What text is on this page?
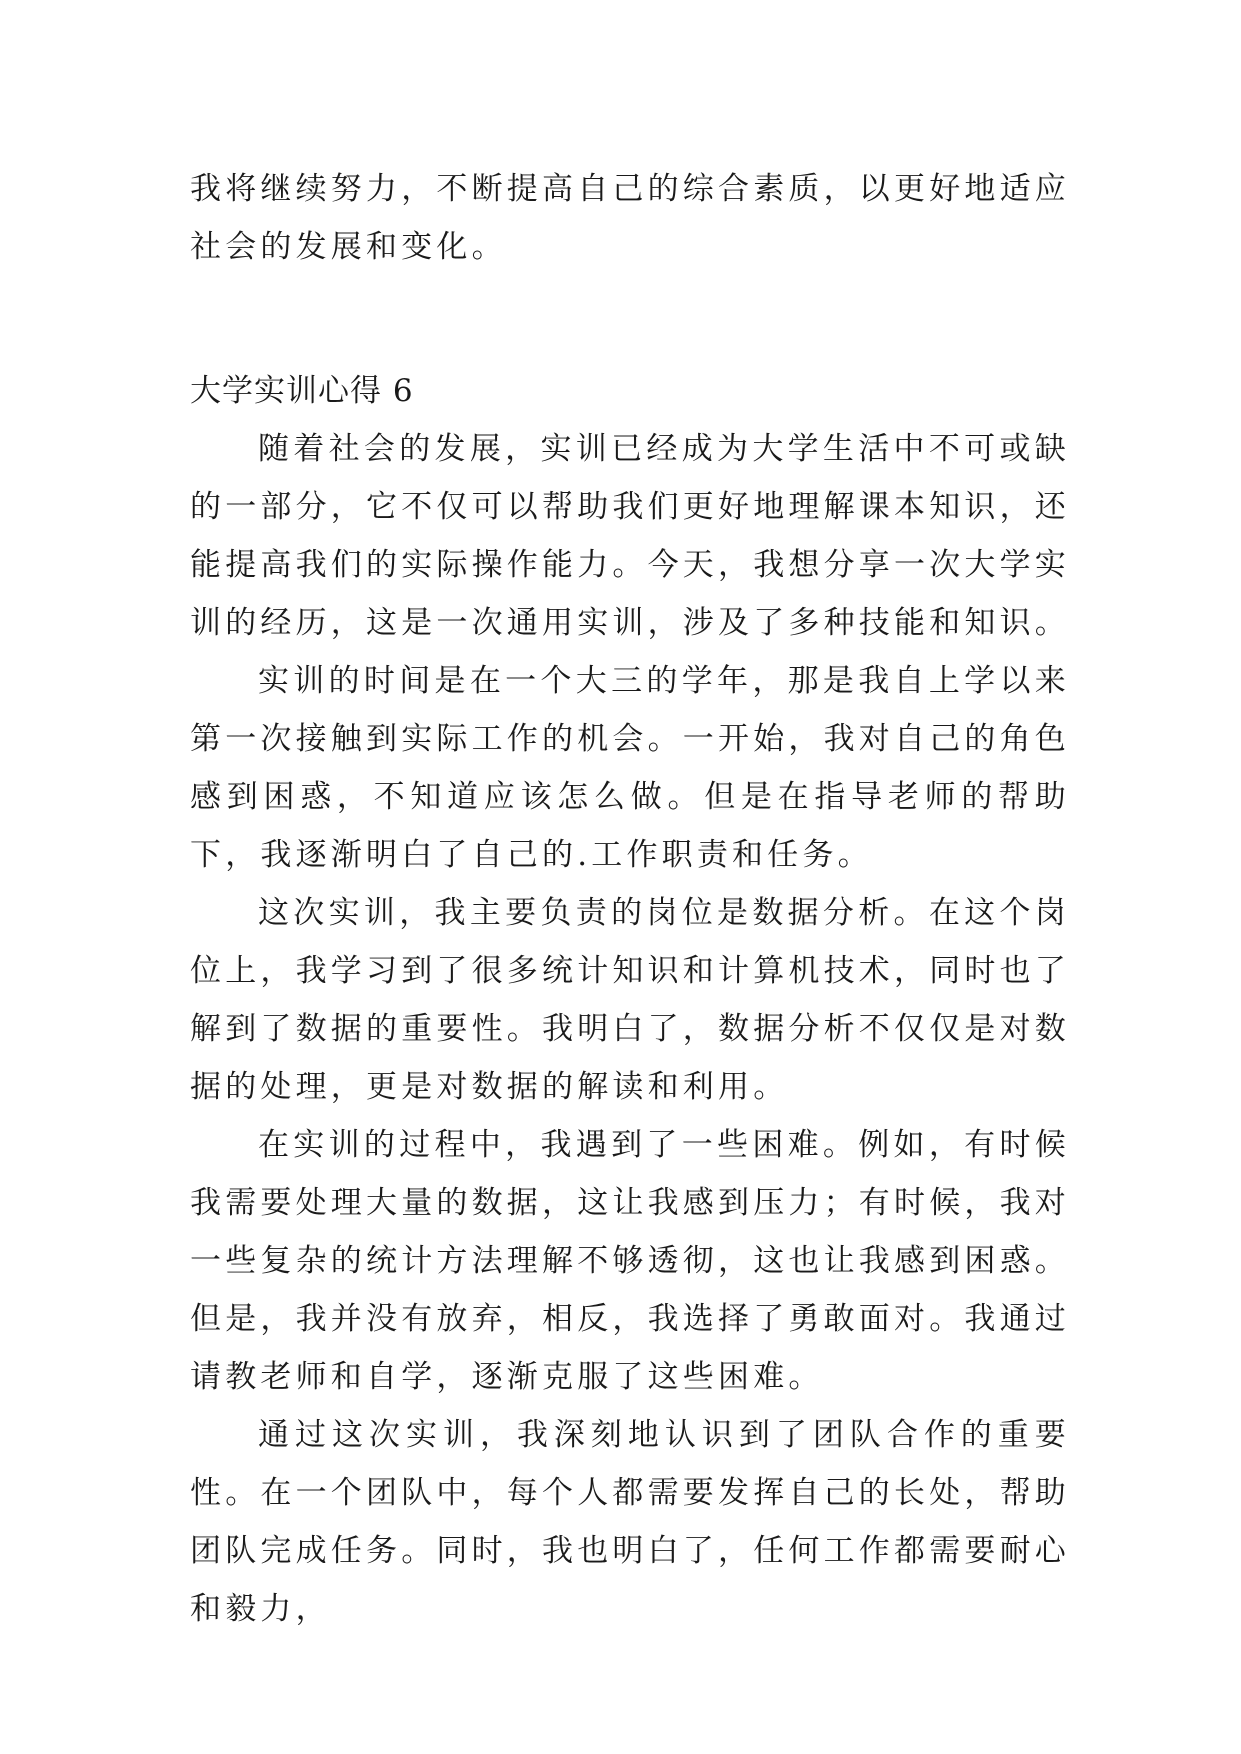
我将继续努力，不断提高自己的综合素质，以更好地适应社会的发展和变化。

大学实训心得 6

随着社会的发展，实训已经成为大学生活中不可或缺的一部分，它不仅可以帮助我们更好地理解课本知识，还能提高我们的实际操作能力。今天，我想分享一次大学实训的经历，这是一次通用实训，涉及了多种技能和知识。

实训的时间是在一个大三的学年，那是我自上学以来第一次接触到实际工作的机会。一开始，我对自己的角色感到困惑，不知道应该怎么做。但是在指导老师的帮助下，我逐渐明白了自己的.工作职责和任务。

这次实训，我主要负责的岗位是数据分析。在这个岗位上，我学习到了很多统计知识和计算机技术，同时也了解到了数据的重要性。我明白了，数据分析不仅仅是对数据的处理，更是对数据的解读和利用。

在实训的过程中，我遇到了一些困难。例如，有时候我需要处理大量的数据，这让我感到压力；有时候，我对一些复杂的统计方法理解不够透彻，这也让我感到困惑。但是，我并没有放弃，相反，我选择了勇敢面对。我通过请教老师和自学，逐渐克服了这些困难。

通过这次实训，我深刻地认识到了团队合作的重要性。在一个团队中，每个人都需要发挥自己的长处，帮助团队完成任务。同时，我也明白了，任何工作都需要耐心和毅力，
